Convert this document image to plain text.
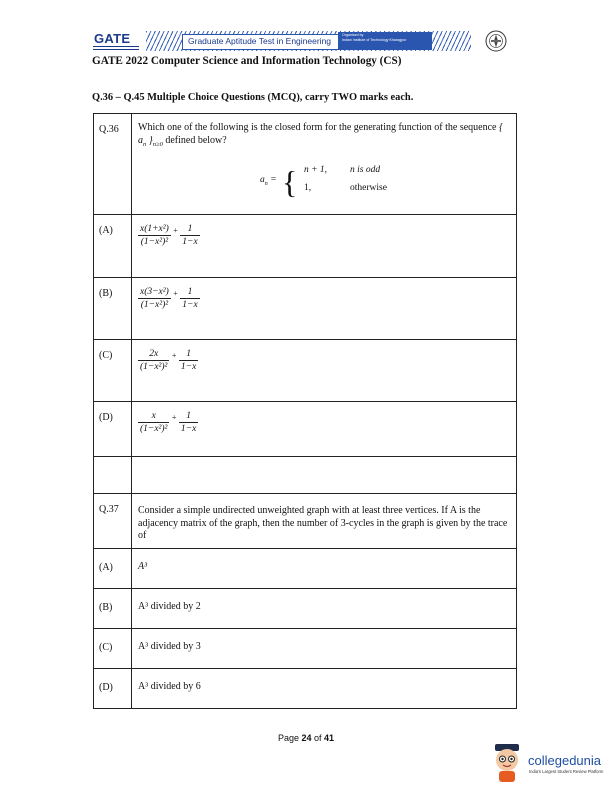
GATE	Graduate Aptitude Test in Engineering
Organised by
Indian Institute of Technology Kharagpur
GATE 2022 Computer Science and Information Technology (CS)
Q.36 – Q.45 Multiple Choice Questions (MCQ), carry TWO marks each.
Q.36	Which one of the following is the closed form for the generating function of the sequence { $a_n$ }$_{n\ge 0}$ defined below?
$a_n$ = { n + 1, n is odd
1,	otherwise
(A)	$\frac{\text{x(1+x²)}}{\text{(1−x²)²}} + \frac{1}{1-x}$
(B)	$\frac{\text{x(3−x²)}}{\text{(1−x²)²}} + \frac{1}{1-x}$
(C)	$\frac{2x}{\text{(1−x²)²}} + \frac{1}{1-x}$
(D)	$\frac{x}{\text{(1−x²)²}} + \frac{1}{1-x}$
Q.37	Consider a simple undirected unweighted graph with at least three vertices. If A is the adjacency matrix of the graph, then the number of 3-cycles in the graph is given by the trace of
(A)	A³
(B)	A³ divided by 2
(C)	A³ divided by 3
(D)	A³ divided by 6
Page 24 of 41
collegedunia
India's Largest Student Review Platform
